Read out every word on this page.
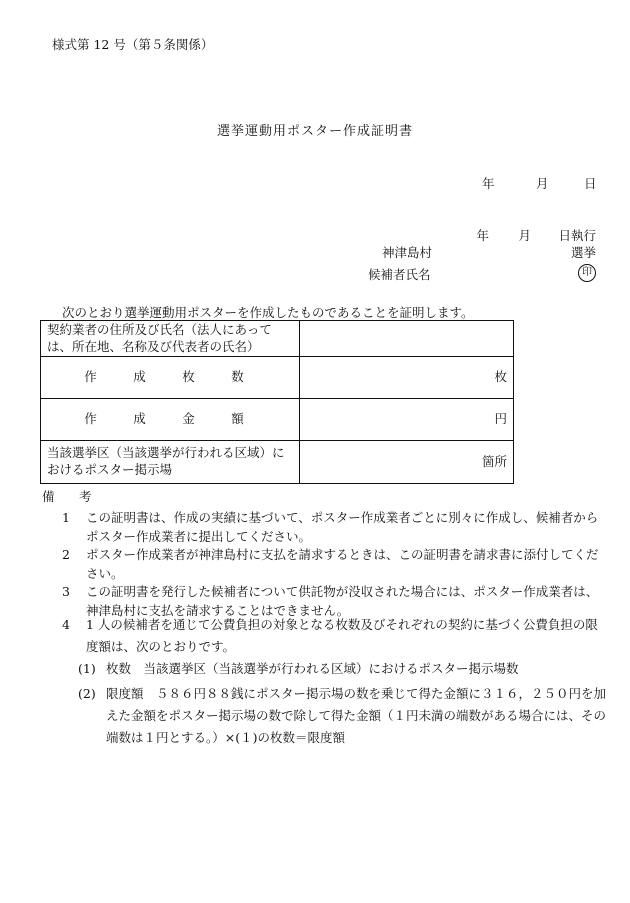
様式第 12 号（第５条関係）
選挙運動用ポスター作成証明書
年	月	日
年	月	日執行
神津島村	選挙
候補者氏名	印
次のとおり選挙運動用ポスターを作成したものであることを証明します。
契約業者の住所及び氏名（法人にあっては、所在地、名称及び代表者の氏名）	
作　成　枚　数	枚
作　成　金　額	円
当該選挙区（当該選挙が行われる区域）におけるポスター掲示場	箇所
備　考
1 この証明書は、作成の実績に基づいて、ポスター作成業者ごとに別々に作成し、候補者からポスター作成業者に提出してください。
2 ポスター作成業者が神津島村に支払を請求するときは、この証明書を請求書に添付してください。
3 この証明書を発行した候補者について供託物が没収された場合には、ポスター作成業者は、神津島村に支払を請求することはできません。
4 1 人の候補者を通じて公費負担の対象となる枚数及びそれぞれの契約に基づく公費負担の限度額は、次のとおりです。
(1) 枚数　当該選挙区（当該選挙が行われる区域）におけるポスター掲示場数
(2) 限度額　５８６円８８銭にポスター掲示場の数を乗じて得た金額に３１６，２５０円を加えた金額をポスター掲示場の数で除して得た金額（１円未満の端数がある場合には、その端数は１円とする。）×(１)の枚数＝限度額
